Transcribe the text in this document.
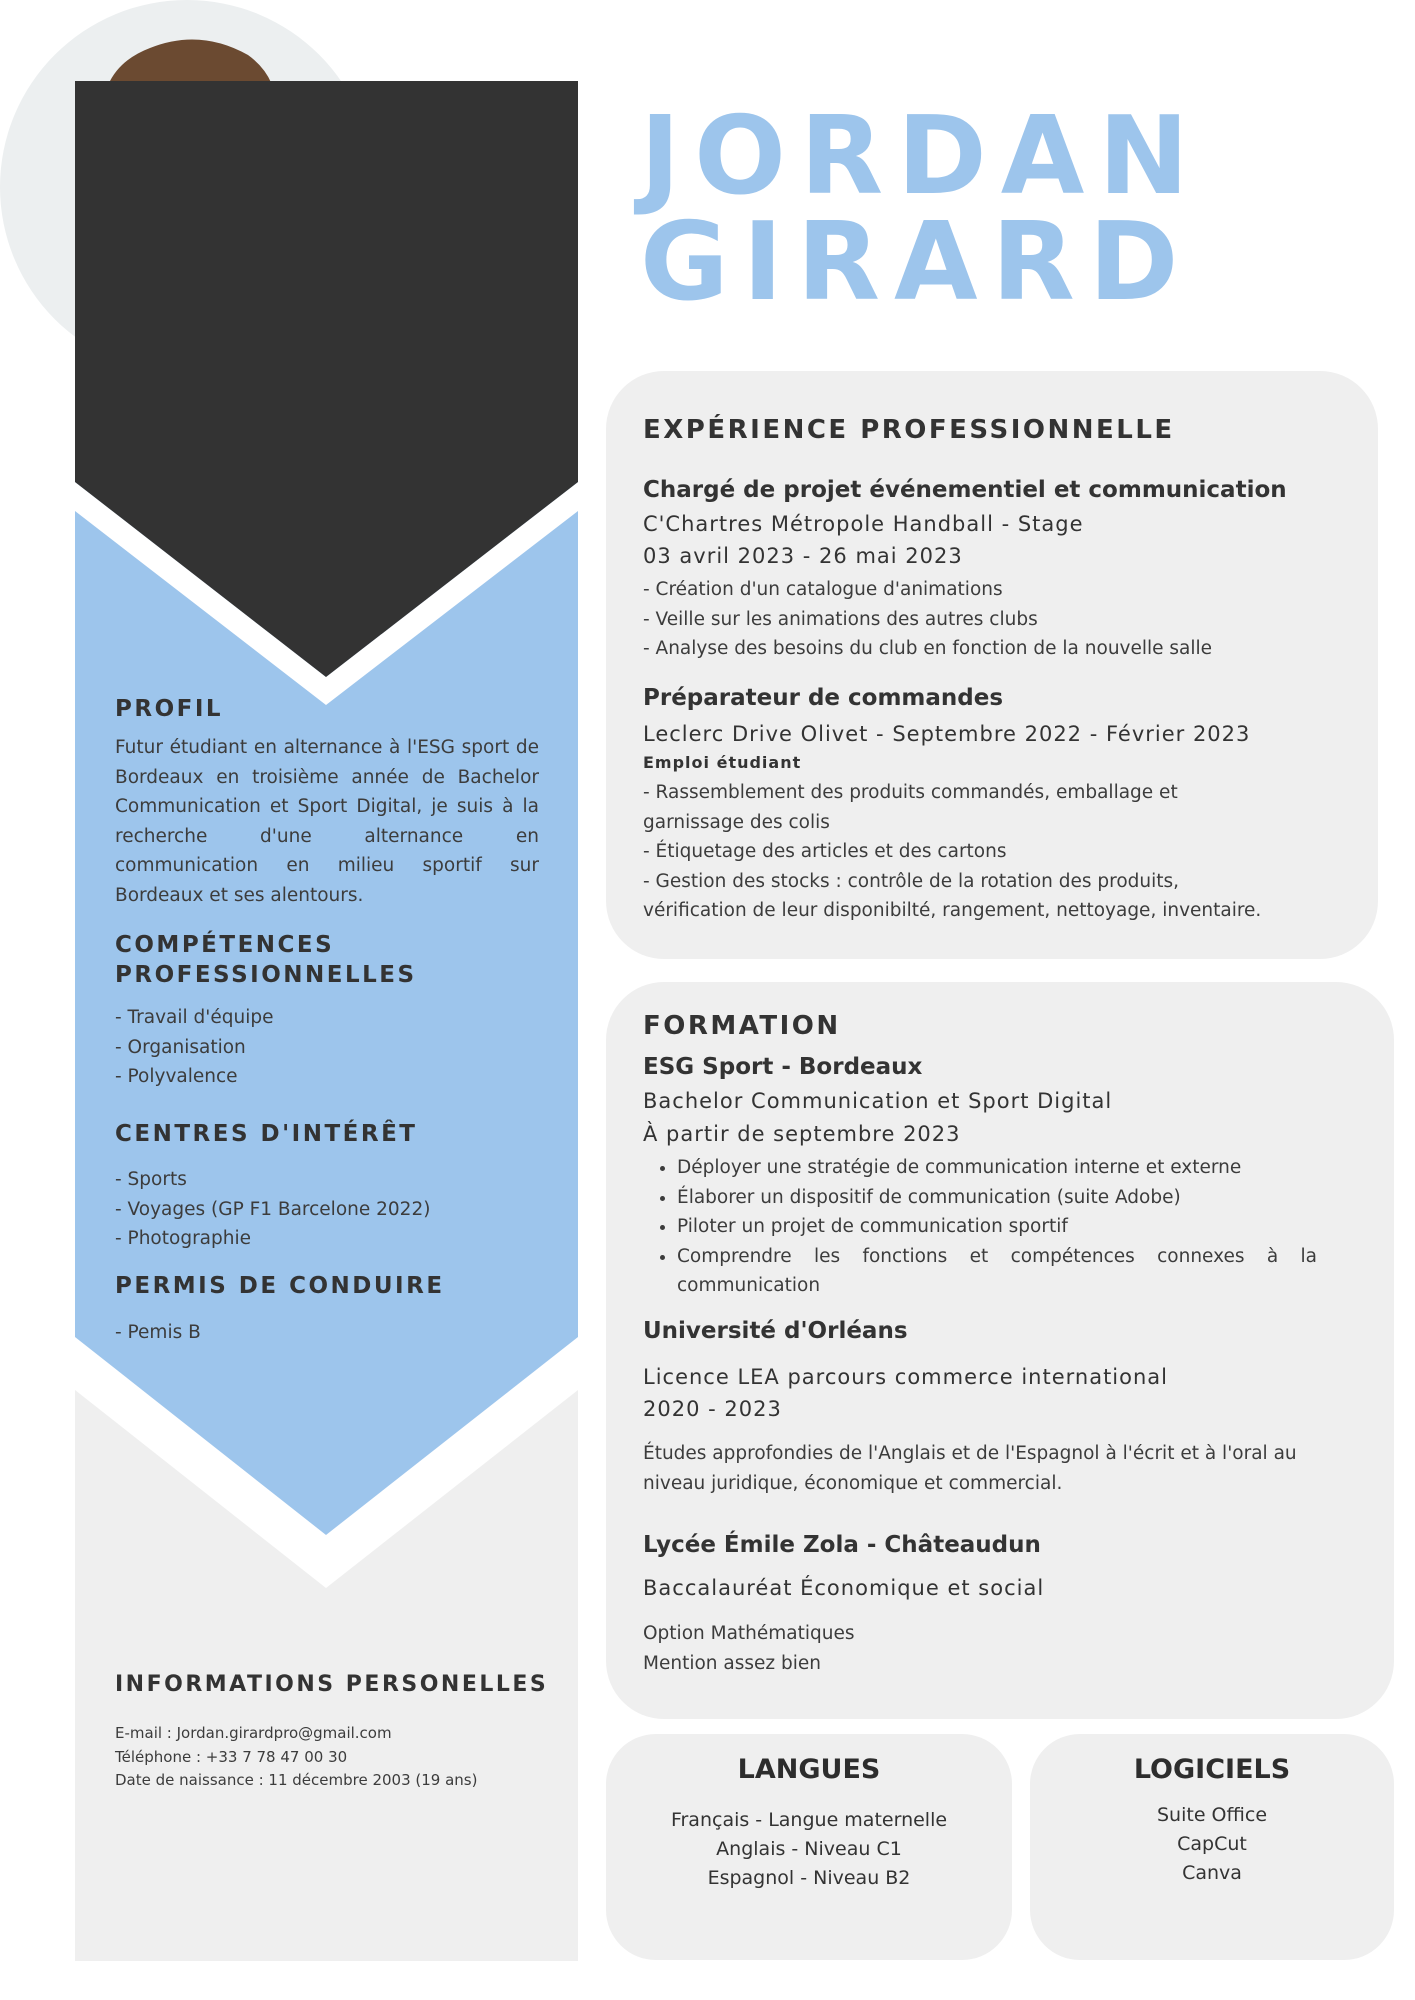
PROFIL

Futur étudiant en alternance à l'ESG sport de Bordeaux en troisième année de Bachelor Communication et Sport Digital, je suis à la recherche d'une alternance en communication en milieu sportif sur Bordeaux et ses alentours.

COMPÉTENCES
PROFESSIONNELLES
- Travail d'équipe
- Organisation
- Polyvalence
CENTRES D'INTÉRÊT
- Sports
- Voyages (GP F1 Barcelone 2022)
- Photographie
PERMIS DE CONDUIRE
- Pemis B
INFORMATIONS PERSONELLES
E-mail : Jordan.girardpro@gmail.com
Téléphone : +33 7 78 47 00 30
Date de naissance : 11 décembre 2003 (19 ans)
JORDAN
GIRARD
EXPÉRIENCE PROFESSIONNELLE
Chargé de projet événementiel et communication

C'Chartres Métropole Handball - Stage

03 avril 2023 - 26 mai 2023

- Création d'un catalogue d'animations
- Veille sur les animations des autres clubs
- Analyse des besoins du club en fonction de la nouvelle salle
Préparateur de commandes

Leclerc Drive Olivet - Septembre 2022 - Février 2023

Emploi étudiant

- Rassemblement des produits commandés, emballage et
garnissage des colis
- Étiquetage des articles et des cartons
- Gestion des stocks : contrôle de la rotation des produits,
vérification de leur disponibilté, rangement, nettoyage, inventaire.
FORMATION
ESG Sport - Bordeaux

Bachelor Communication et Sport Digital

À partir de septembre 2023

• Déployer une stratégie de communication interne et externe
• Élaborer un dispositif de communication (suite Adobe)
• Piloter un projet de communication sportif
• Comprendre les fonctions et compétences connexes à la communication
Université d'Orléans

Licence LEA parcours commerce international

2020 - 2023

Études approfondies de l'Anglais et de l'Espagnol à l'écrit et à l'oral au niveau juridique, économique et commercial.

Lycée Émile Zola - Châteaudun

Baccalauréat Économique et social

Option Mathématiques
Mention assez bien
LANGUES
Français - Langue maternelle
Anglais - Niveau C1
Espagnol - Niveau B2
LOGICIELS
Suite Office
CapCut
Canva
